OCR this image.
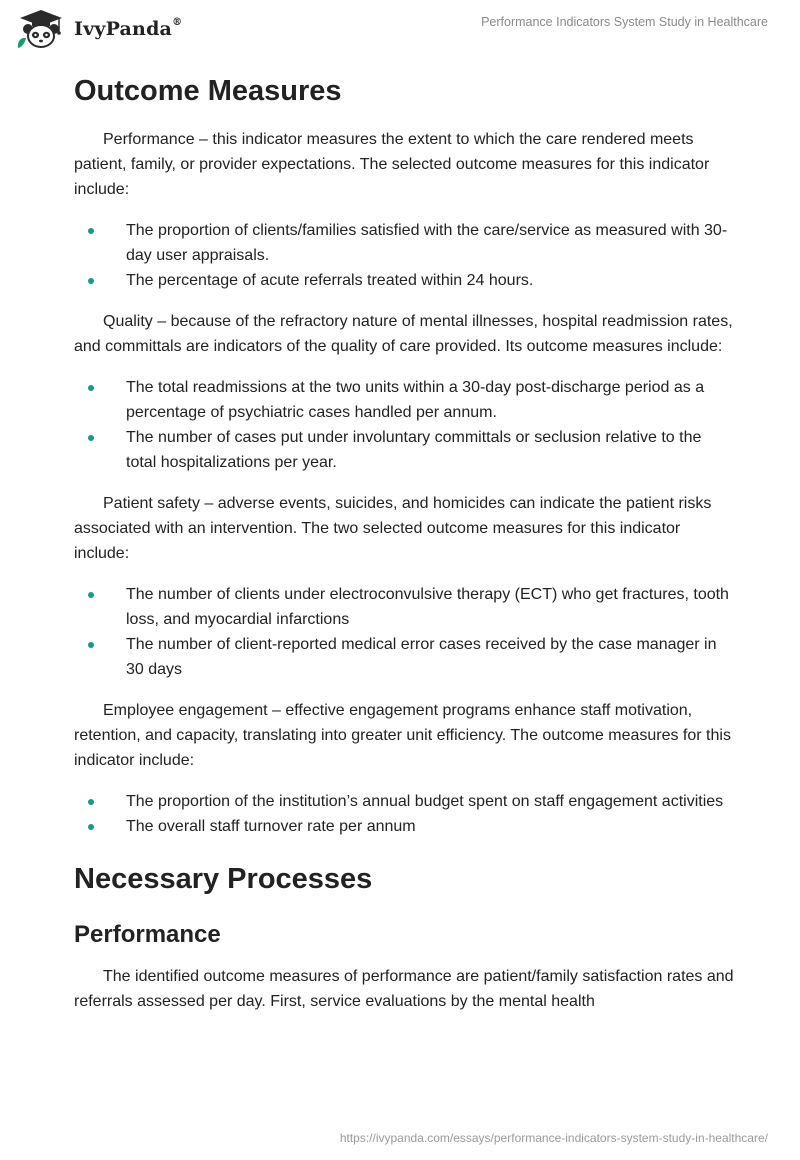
IvyPanda®	Performance Indicators System Study in Healthcare
Outcome Measures

Performance – this indicator measures the extent to which the care rendered meets patient, family, or provider expectations. The selected outcome measures for this indicator include:

The proportion of clients/families satisfied with the care/service as measured with 30-day user appraisals.
The percentage of acute referrals treated within 24 hours.

Quality – because of the refractory nature of mental illnesses, hospital readmission rates, and committals are indicators of the quality of care provided. Its outcome measures include:

The total readmissions at the two units within a 30-day post-discharge period as a percentage of psychiatric cases handled per annum.
The number of cases put under involuntary committals or seclusion relative to the total hospitalizations per year.

Patient safety – adverse events, suicides, and homicides can indicate the patient risks associated with an intervention. The two selected outcome measures for this indicator include:

The number of clients under electroconvulsive therapy (ECT) who get fractures, tooth loss, and myocardial infarctions
The number of client-reported medical error cases received by the case manager in 30 days

Employee engagement – effective engagement programs enhance staff motivation, retention, and capacity, translating into greater unit efficiency. The outcome measures for this indicator include:

The proportion of the institution’s annual budget spent on staff engagement activities
The overall staff turnover rate per annum
Necessary Processes
Performance

The identified outcome measures of performance are patient/family satisfaction rates and referrals assessed per day. First, service evaluations by the mental health

https://ivypanda.com/essays/performance-indicators-system-study-in-healthcare/
